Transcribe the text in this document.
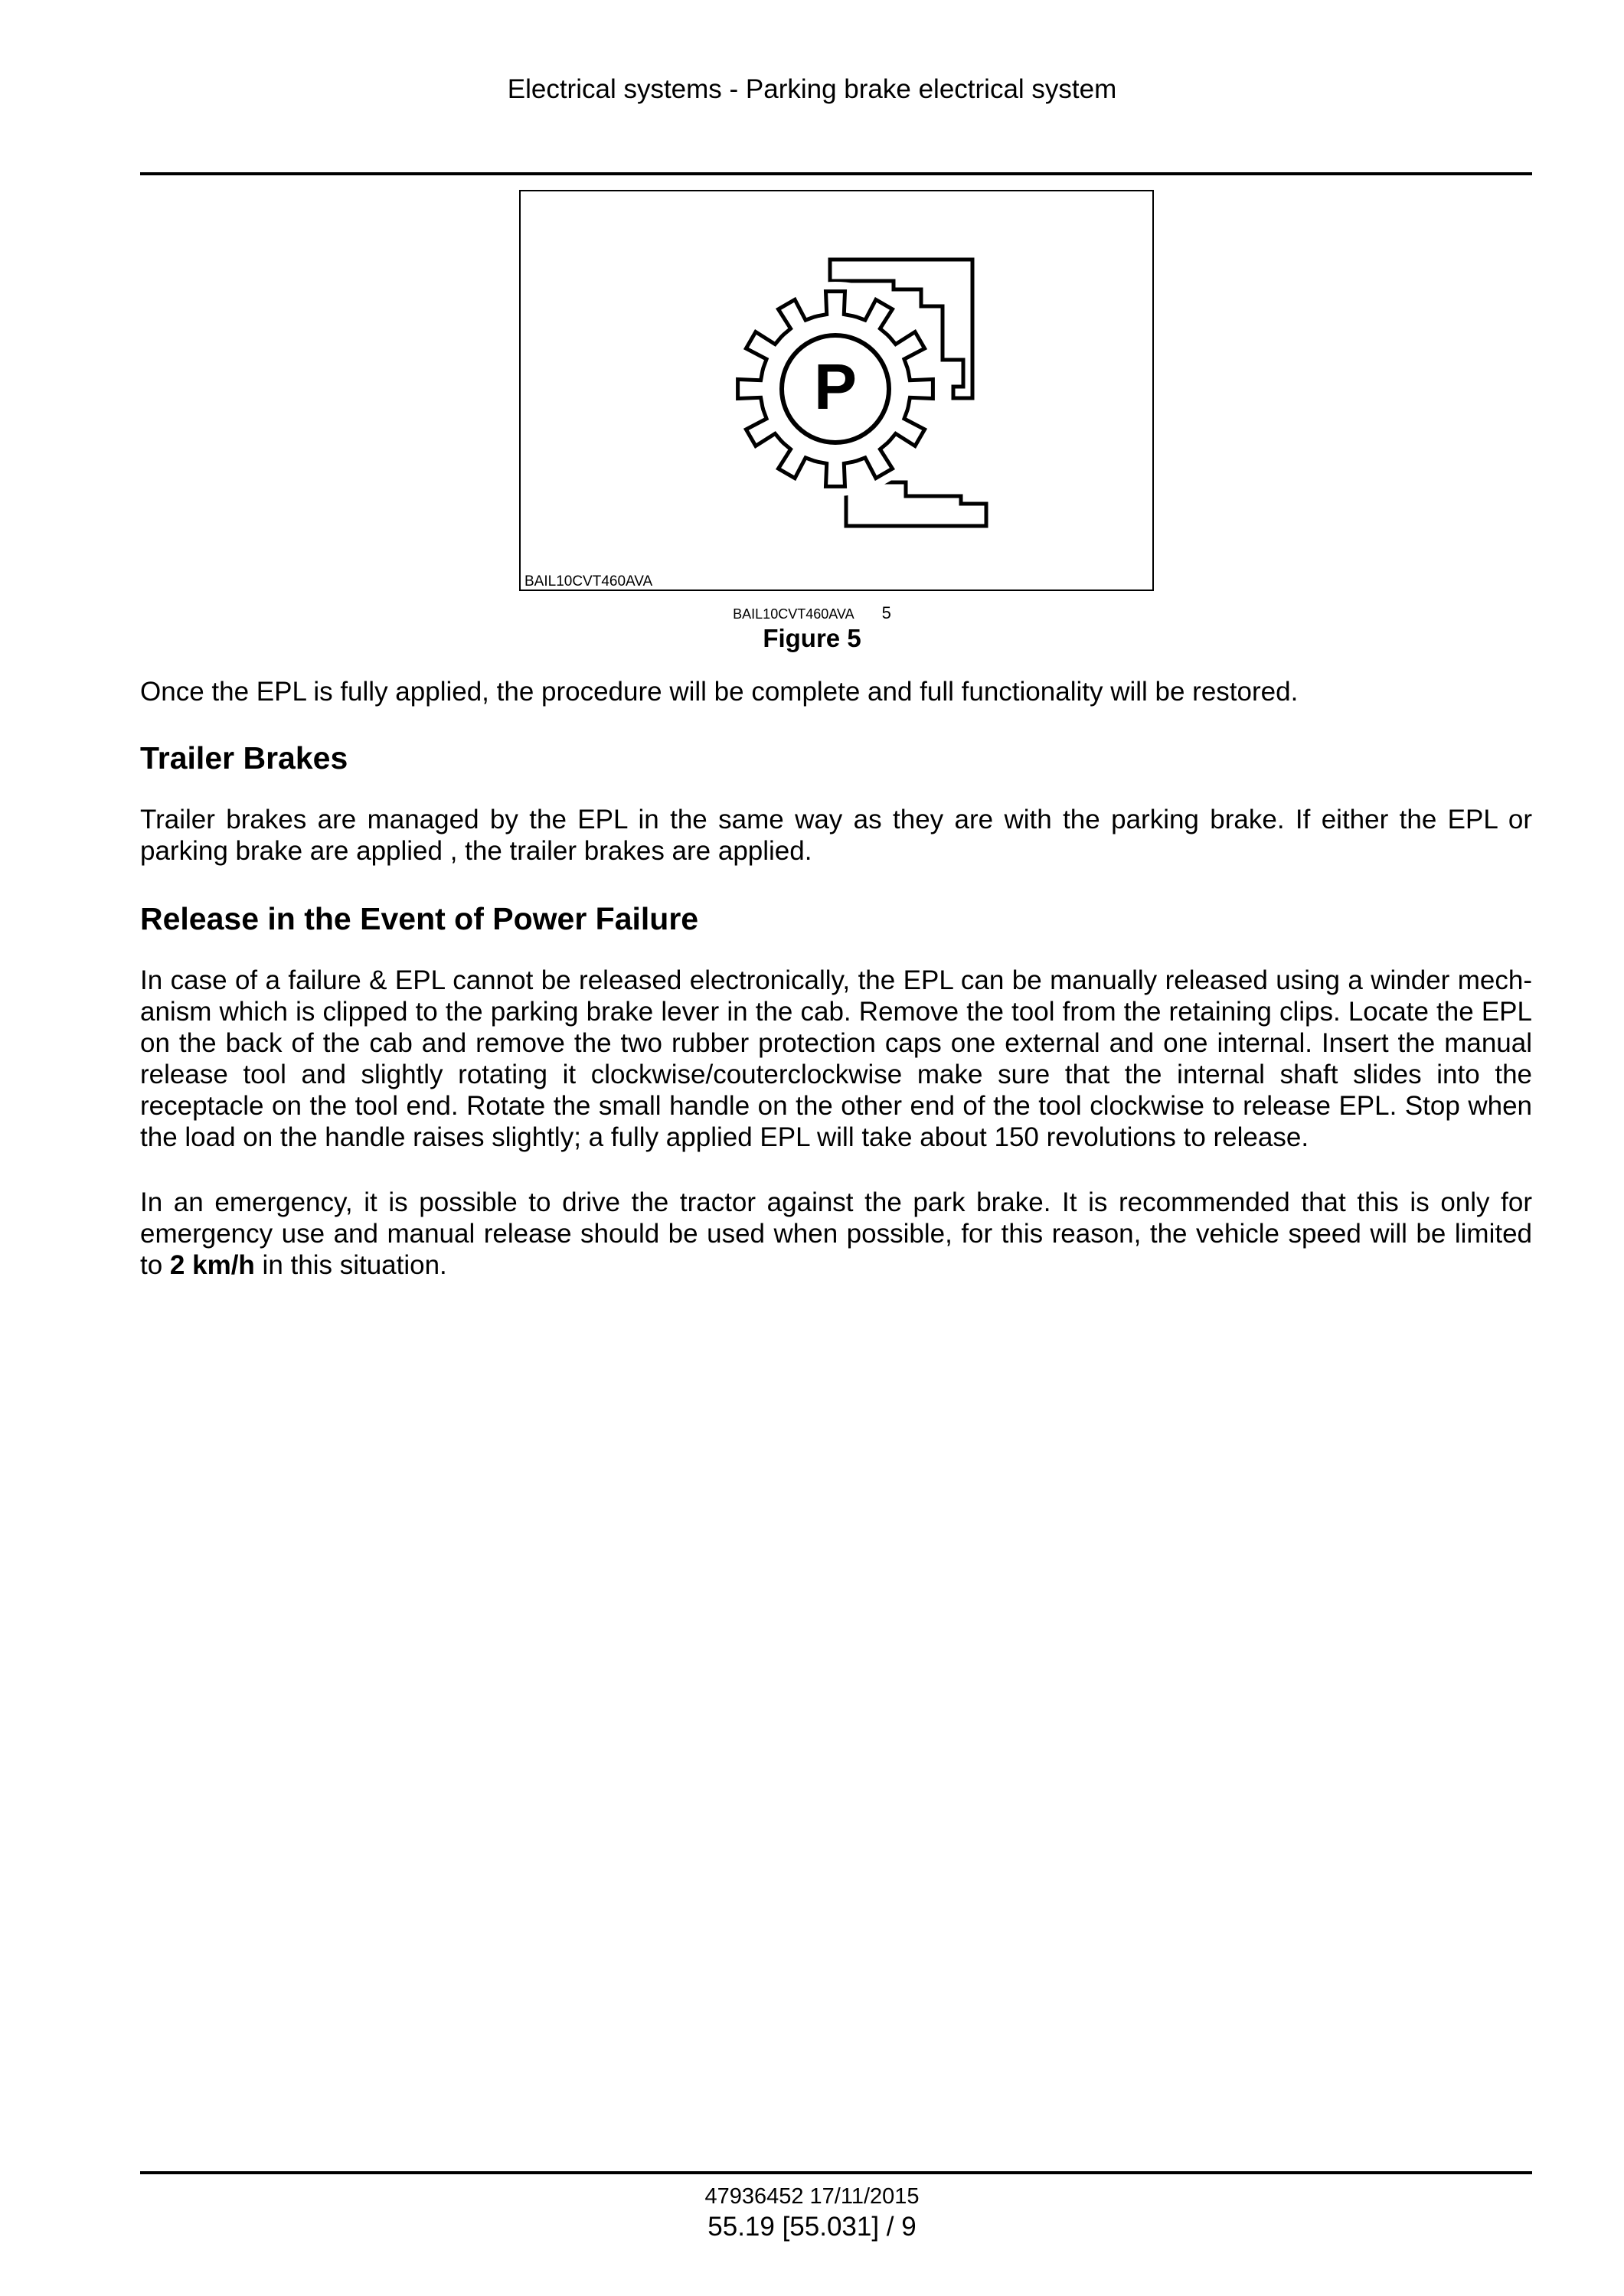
Electrical systems - Parking brake electrical system
P
BAIL10CVT460AVA
BAIL10CVT460AVA 5
Figure 5

Once the EPL is fully applied, the procedure will be complete and full functionality will be restored.

Trailer Brakes

Trailer brakes are managed by the EPL in the same way as they are with the parking brake. If either the EPL or parking brake are applied , the trailer brakes are applied.

Release in the Event of Power Failure

In case of a failure & EPL cannot be released electronically, the EPL can be manually released using a winder mechanism which is clipped to the parking brake lever in the cab. Remove the tool from the retaining clips. Locate the EPL on the back of the cab and remove the two rubber protection caps one external and one internal. Insert the manual release tool and slightly rotating it clockwise/couterclockwise make sure that the internal shaft slides into the receptacle on the tool end. Rotate the small handle on the other end of the tool clockwise to release EPL. Stop when the load on the handle raises slightly; a fully applied EPL will take about 150 revolutions to release.

In an emergency, it is possible to drive the tractor against the park brake. It is recommended that this is only for emergency use and manual release should be used when possible, for this reason, the vehicle speed will be limited to 2 km/h in this situation.

47936452 17/11/2015
55.19 [55.031] / 9
